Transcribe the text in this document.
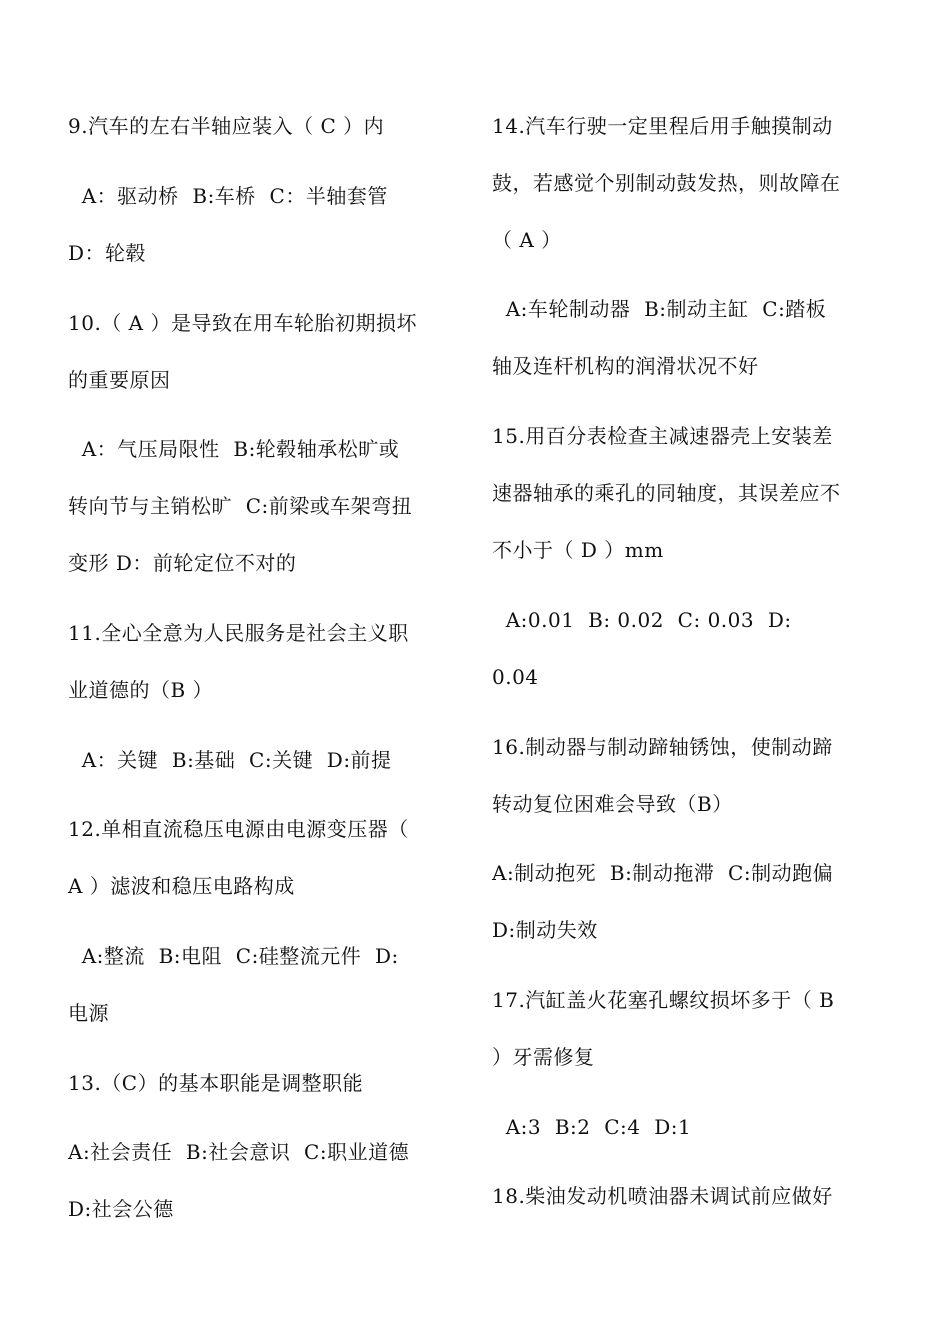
9.汽车的左右半轴应装入（ C ）内
A：驱动桥  B:车桥  C：半轴套管
D：轮毂
10.（ A ）是导致在用车轮胎初期损坏
的重要原因
A：气压局限性  B:轮毂轴承松旷或
转向节与主销松旷  C:前梁或车架弯扭
变形 D：前轮定位不对的
11.全心全意为人民服务是社会主义职
业道德的（B ）
A：关键  B:基础  C:关键  D:前提
12.单相直流稳压电源由电源变压器（
A ）滤波和稳压电路构成
A:整流  B:电阻  C:硅整流元件  D:
电源
13.（C）的基本职能是调整职能
A:社会责任  B:社会意识  C:职业道德
D:社会公德
14.汽车行驶一定里程后用手触摸制动
鼓，若感觉个别制动鼓发热，则故障在
（ A ）
A:车轮制动器  B:制动主缸  C:踏板
轴及连杆机构的润滑状况不好
15.用百分表检查主减速器壳上安装差
速器轴承的乘孔的同轴度，其误差应不
不小于（ D ）mm
A:0.01  B: 0.02  C: 0.03  D:
0.04
16.制动器与制动蹄轴锈蚀，使制动蹄
转动复位困难会导致（B）
A:制动抱死  B:制动拖滞  C:制动跑偏
D:制动失效
17.汽缸盖火花塞孔螺纹损坏多于（ B
）牙需修复
A:3  B:2  C:4  D:1
18.柴油发动机喷油器未调试前应做好
